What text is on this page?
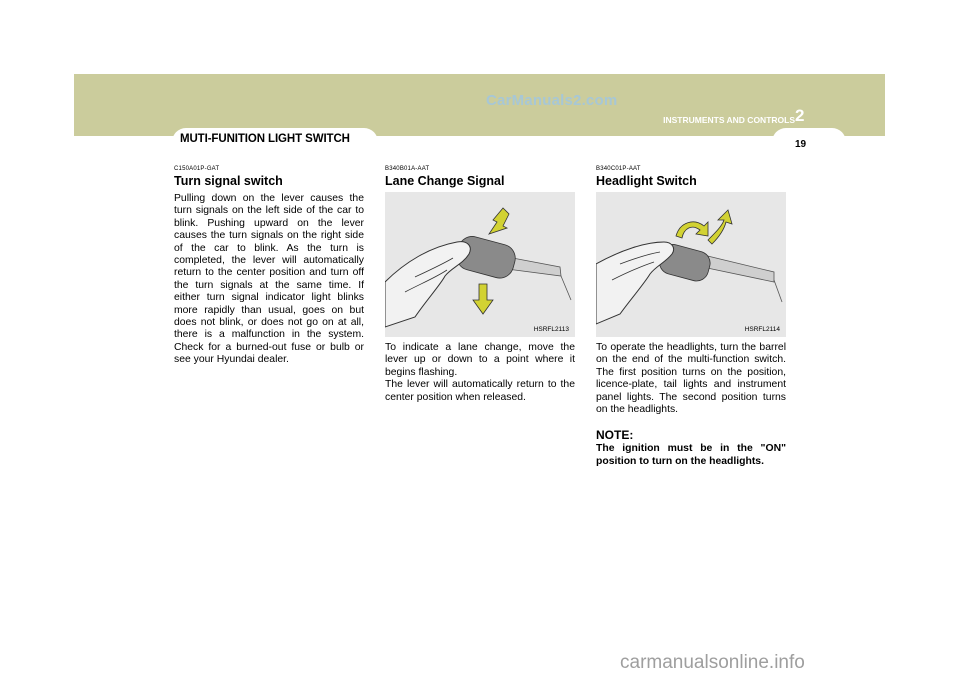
CarManuals2.com
2
INSTRUMENTS AND CONTROLS
19
MUTI-FUNITION LIGHT SWITCH
C150A01P-GAT
Turn signal switch

Pulling down on the lever causes the turn signals on the left side of the car to blink. Pushing upward on the lever causes the turn signals on the right side of the car to blink. As the turn is completed, the lever will automatically return to the center position and turn off the turn signals at the same time. If either turn signal indicator light blinks more rapidly than usual, goes on but does not blink, or does not go on at all, there is a malfunction in the system. Check for a burned-out fuse or bulb or see your Hyundai dealer.

B340B01A-AAT
Lane Change Signal
HSRFL2113

To indicate a lane change, move the lever up or down to a point where it begins flashing.

The lever will automatically return to the center position when released.

B340C01P-AAT
Headlight Switch
HSRFL2114

To operate the headlights, turn the barrel on the end of the multi-function switch. The first position turns on the position, licence-plate, tail lights and instrument panel lights. The second position turns on the headlights.

NOTE:
The ignition must be in the "ON" position to turn on the headlights.
carmanualsonline.info
